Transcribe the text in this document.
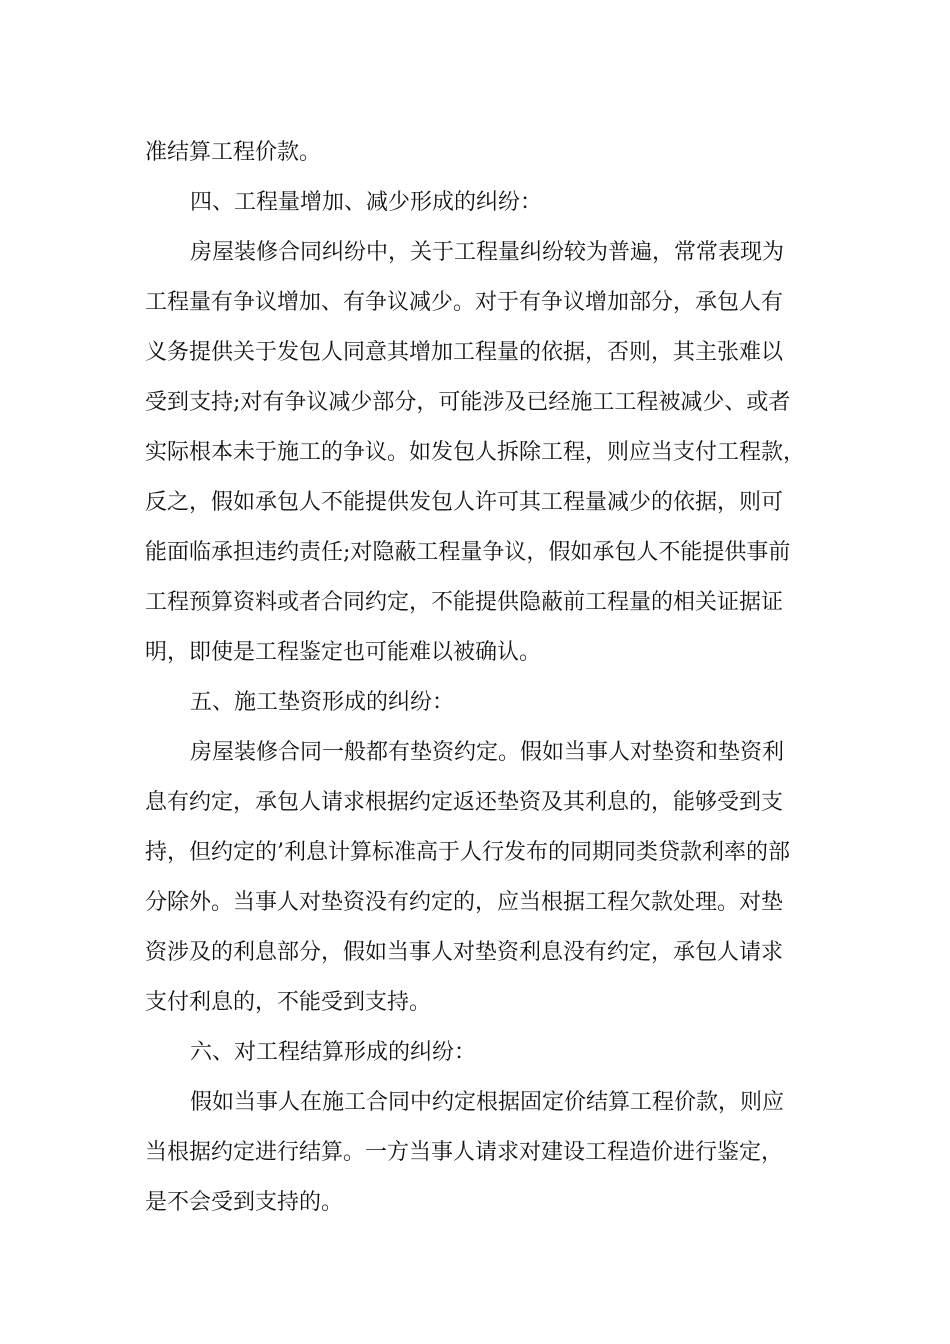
准结算工程价款。
四、工程量增加、减少形成的纠纷：
房屋装修合同纠纷中，关于工程量纠纷较为普遍，常常表现为
工程量有争议增加、有争议减少。对于有争议增加部分，承包人有
义务提供关于发包人同意其增加工程量的依据，否则，其主张难以
受到支持;对有争议减少部分，可能涉及已经施工工程被减少、或者
实际根本未于施工的争议。如发包人拆除工程，则应当支付工程款，
反之，假如承包人不能提供发包人许可其工程量减少的依据，则可
能面临承担违约责任;对隐蔽工程量争议，假如承包人不能提供事前
工程预算资料或者合同约定，不能提供隐蔽前工程量的相关证据证
明，即使是工程鉴定也可能难以被确认。
五、施工垫资形成的纠纷：
房屋装修合同一般都有垫资约定。假如当事人对垫资和垫资利
息有约定，承包人请求根据约定返还垫资及其利息的，能够受到支
持，但约定的’利息计算标准高于人行发布的同期同类贷款利率的部
分除外。当事人对垫资没有约定的，应当根据工程欠款处理。对垫
资涉及的利息部分，假如当事人对垫资利息没有约定，承包人请求
支付利息的，不能受到支持。
六、对工程结算形成的纠纷：
假如当事人在施工合同中约定根据固定价结算工程价款，则应
当根据约定进行结算。一方当事人请求对建设工程造价进行鉴定，
是不会受到支持的。
